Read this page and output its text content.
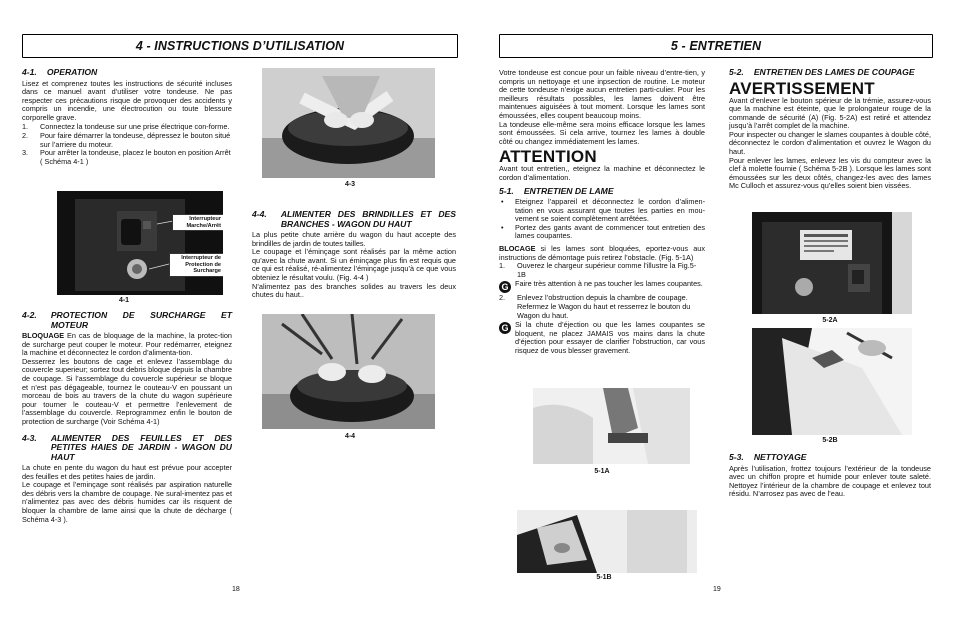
4 - INSTRUCTIONS D’UTILISATION
4-1. OPERATION

Lisez et comprenez toutes les instructions de sécurité incluses dans ce manuel avant d’utiliser votre tondeuse. Ne pas respecter ces précautions risque de provoquer des accidents y compris un incendie, une électrocution ou toute blessure corporelle grave.

1.	Connectez la tondeuse sur une prise électrique con-forme.
2.	Pour faire démarrer la tondeuse, dépressez le bouton situé sur l’arriere du moteur.
3.	Pour arrêter la tondeuse, placez le bouton en position Arrêt ( Schéma 4-1 )
Interrupteur Marche/Arrêt
Interrupteur de Protection de Surcharge
4-1
4-2. PROTECTION DE SURCHARGE ET MOTEUR

BLOQUAGE En cas de bloquage de la machine, la protec-tion de surcharge peut couper le moteur. Pour redémarrer, eteignez la machine et déconnectez le cordon d’alimenta-tion.

Desserrez les boutons de cage et enlevez l’assemblage du couvercle superieur; sortez tout debris bloque depuis la chambre de coupage. Si l’assemblage du covuercle supérieur se bloque et n’est pas dégageable, tournez le couteau-V en poussant un morceau de bois au travers de la chute du wagon supérieure pour tourner le couteau-V et permettre l’enlevement de l’assemblage du couvercle. Reprogrammez enfin le bouton de protection de surcharge (Voir Schéma 4-1)

4-3. ALIMENTER DES FEUILLES ET DES PETITES HAIES DE JARDIN - WAGON DU HAUT

La chute en pente du wagon du haut est prévue pour accepter des feuilles et des petites haies de jardin.

Le coupage et l’eminçage sont réalisés par aspiration naturelle des débris vers la chambre de coupage. Ne sural-imentez pas et n’alimentez pas avec des débris humides car ils risquent de bloquer la chambre de lame ainsi que la chute de décharge ( Schéma 4-3 ).

4-3
4-4. ALIMENTER DES BRINDILLES ET DES BRANCHES - WAGON DU HAUT

La plus petite chute arrière du wagon du haut accepte des brindilles de jardin de toutes tailles.

Le coupage et l’éminçage sont réalisés par la même action qu’avec la chute avant. Si un éminçage plus fin est requis que ce qui est réalisé, ré-alimentez l’éminçage jusqu’à ce que vous obteniez le résultat voulu. (Fig. 4-4 )

N’alimentez pas des branches solides au travers les deux chutes du haut..

4-4
18
5 - ENTRETIEN

Votre tondeuse est concue pour un faible niveau d’entre-tien, y compris un nettoyage et une inpsection de routine. Le moteur de cette tondeuse n’exige aucun entretien parti-culier. Pour les meilleurs résultats possibles, les lames doivent être maintenues aiguisées à tout moment. Lorsque les lames sont émoussées, elles coupent beaucoup moins.

La tondeuse elle-même sera moins efficace lorsque les lames sont émoussées. Si cela arrive, tournez les lames à double côté ou changez immédiatement les lames.

ATTENTION

Avant tout entretien,, eteignez la machine et déconnectez le cordon d’alimentation.

5-1. ENTRETIEN DE LAME
•	Eteignez l’appareil et déconnectez le cordon d’alimen-tation en vous assurant que toutes les parties en mou-vement se soient complètement arrêtées.
•	Portez des gants avant de commencer tout entretien des lames coupantes.

BLOCAGE si les lames sont bloquées, eportez-vous aux instructions de démontage puis retirez l’obstacle. (Fig. 5-1A)

1.	Ouverez le chargeur supérieur comme l’illustre la Fig.5-1B
G Faire très attention à ne pas toucher les lames coupantes.
2.	Enlevez l’obstruction depuis la chambre de coupage. Refermez le Wagon du haut et resserrez le bouton du Wagon du haut.
G Si la chute d’éjection ou que les lames coupantes se bloquent, ne placez JAMAIS vos mains dans la chute d’éjection pour essayer de clarifier l’obstruction, car vous risquez de vous blesser gravement.
5-1A
5-1B
5-2. ENTRETIEN DES LAMES DE COUPAGE
AVERTISSEMENT

Avant d’enlever le bouton spérieur de la trémie, assurez-vous que la machine est éteinte, que le prolongateur rouge de la commande de sécurité (A) (Fig. 5-2A) est retiré et attendez jusqu’à l’arrêt complet de la machine.

Pour inspecter ou changer le slames coupantes à double côté, déconnectez le cordon d’alimentation et ouvrez le Wagon du haut.

Pour enlever les lames, enlevez les vis du compteur avec la clef à molette fournie ( Schéma 5-2B ). Lorsque les lames sont émoussées sur les deux côtés, changez-les avec des lames Mc Culloch et assurez-vous qu’elles soient bien vissées.

5-2A
5-2B
5-3. NETTOYAGE

Après l’utilisation, frottez toujours l’extérieur de la tondeuse avec un chiffon propre et humide pour enlever toute saleté. Nettoyez l’intérieur de la chambre de coupage et enlevez tout résidu. N’arrosez pas avec de l’eau.

19
